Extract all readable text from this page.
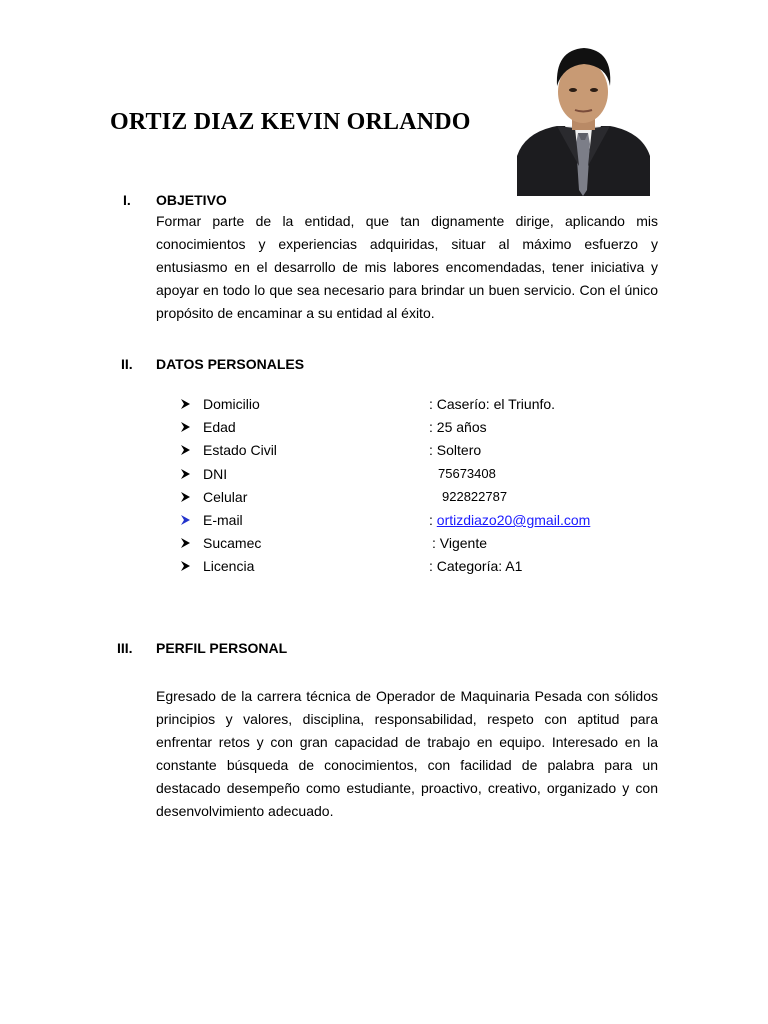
ORTIZ DIAZ KEVIN ORLANDO
I. OBJETIVO

Formar parte de la entidad, que tan dignamente dirige, aplicando mis conocimientos y experiencias adquiridas, situar al máximo esfuerzo y entusiasmo en el desarrollo de mis labores encomendadas, tener iniciativa y apoyar en todo lo que sea necesario para brindar un buen servicio. Con el único propósito de encaminar a su entidad al éxito.

II. DATOS PERSONALES
Domicilio	: Caserío: el Triunfo.
Edad	: 25 años
Estado Civil	: Soltero
DNI	75673408
Celular	922822787
E-mail	: ortizdiazo20@gmail.com
Sucamec	: Vigente
Licencia	: Categoría: A1
III. PERFIL PERSONAL

Egresado de la carrera técnica de Operador de Maquinaria Pesada con sólidos principios y valores, disciplina, responsabilidad, respeto con aptitud para enfrentar retos y con gran capacidad de trabajo en equipo. Interesado en la constante búsqueda de conocimientos, con facilidad de palabra para un destacado desempeño como estudiante, proactivo, creativo, organizado y con desenvolvimiento adecuado.
